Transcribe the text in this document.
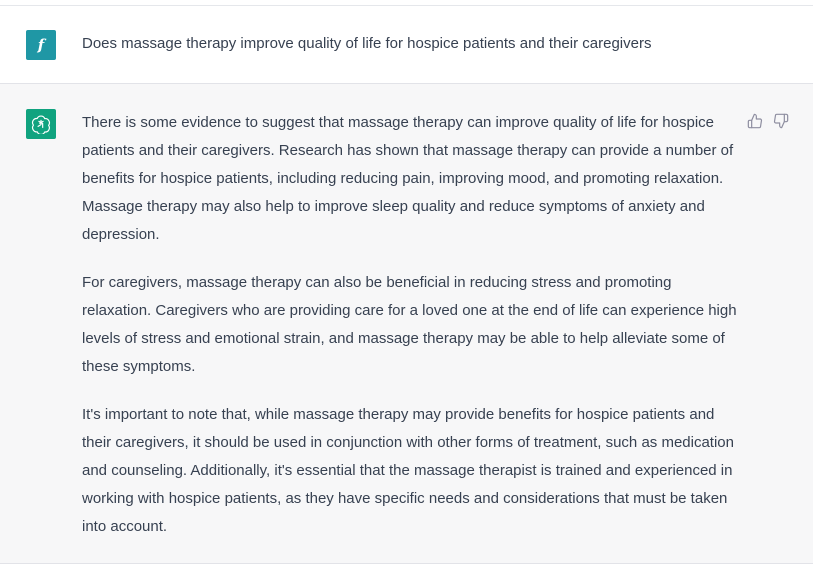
f	Does massage therapy improve quality of life for hospice patients and their caregivers

There is some evidence to suggest that massage therapy can improve quality of life for hospice patients and their caregivers. Research has shown that massage therapy can provide a number of benefits for hospice patients, including reducing pain, improving mood, and promoting relaxation. Massage therapy may also help to improve sleep quality and reduce symptoms of anxiety and depression.

For caregivers, massage therapy can also be beneficial in reducing stress and promoting relaxation. Caregivers who are providing care for a loved one at the end of life can experience high levels of stress and emotional strain, and massage therapy may be able to help alleviate some of these symptoms.

It's important to note that, while massage therapy may provide benefits for hospice patients and their caregivers, it should be used in conjunction with other forms of treatment, such as medication and counseling. Additionally, it's essential that the massage therapist is trained and experienced in working with hospice patients, as they have specific needs and considerations that must be taken into account.
